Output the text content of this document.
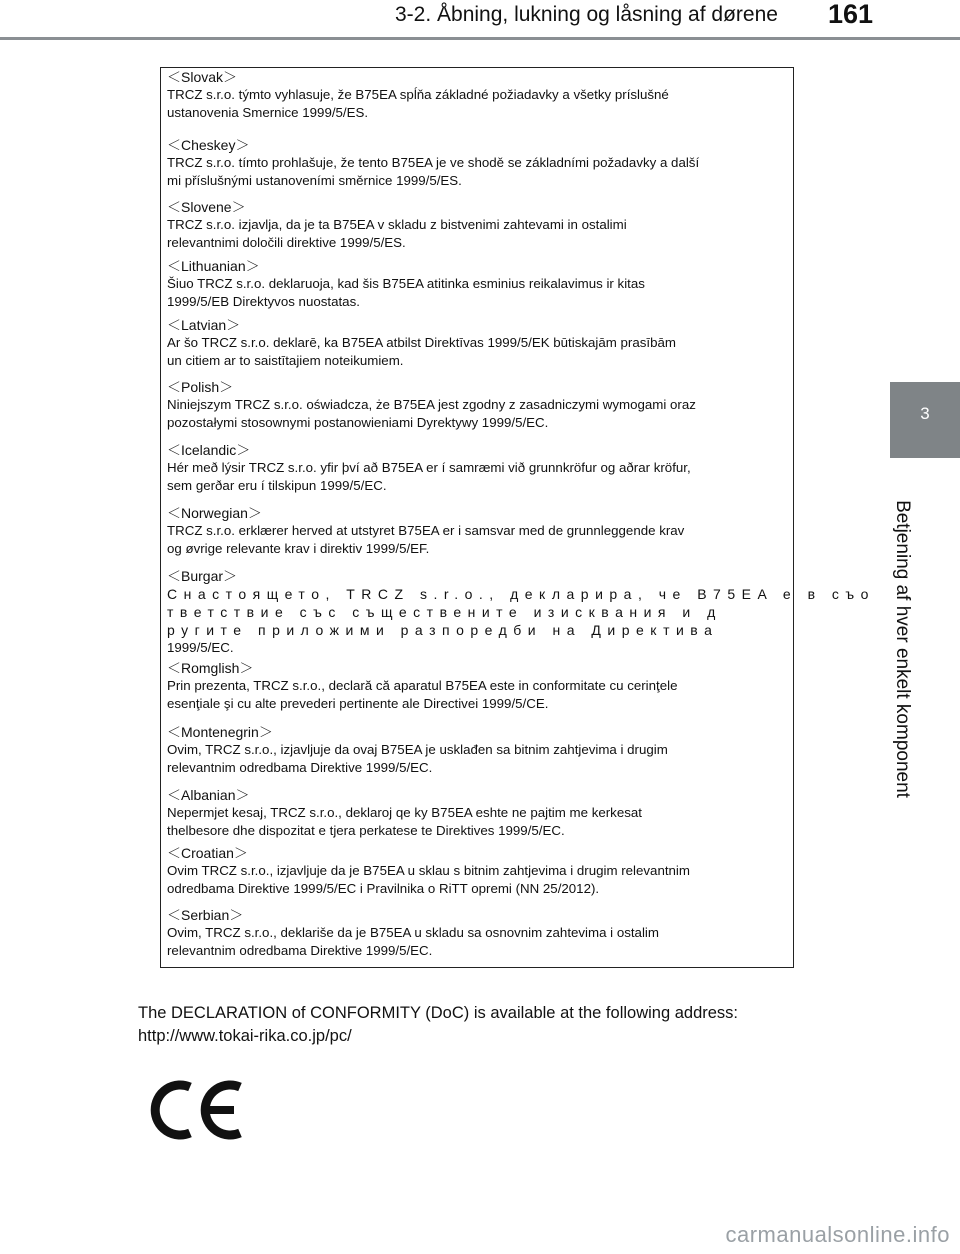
3-2. Åbning, lukning og låsning af dørene 161
3
Betjening af hver enkelt komponent
＜Slovak＞
TRCZ s.r.o. týmto vyhlasuje, že B75EA spĺňa základné požiadavky a všetky príslušné
ustanovenia Smernice 1999/5/ES.
＜Cheskey＞
TRCZ s.r.o. tímto prohlašuje, že tento B75EA je ve shodě se základními požadavky a další
mi příslušnými ustanoveními směrnice 1999/5/ES.
＜Slovene＞
TRCZ s.r.o. izjavlja, da je ta B75EA v skladu z bistvenimi zahtevami in ostalimi
relevantnimi določili direktive 1999/5/ES.
＜Lithuanian＞
Šiuo TRCZ s.r.o. deklaruoja, kad šis B75EA atitinka esminius reikalavimus ir kitas
1999/5/EB Direktyvos nuostatas.
＜Latvian＞
Ar šo TRCZ s.r.o. deklarē, ka B75EA atbilst Direktīvas 1999/5/EK būtiskajām prasībām
un citiem ar to saistītajiem noteikumiem.
＜Polish＞
Niniejszym TRCZ s.r.o. oświadcza, że B75EA jest zgodny z zasadniczymi wymogami oraz
pozostałymi stosownymi postanowieniami Dyrektywy 1999/5/EC.
＜Icelandic＞
Hér með lýsir TRCZ s.r.o. yfir því að B75EA er í samræmi við grunnkröfur og aðrar kröfur,
sem gerðar eru í tilskipun 1999/5/EC.
＜Norwegian＞
TRCZ s.r.o. erklærer herved at utstyret B75EA er i samsvar med de grunnleggende krav
og øvrige relevante krav i direktiv 1999/5/EF.
＜Burgar＞
Снастоящето, TRCZ s.r.o., декларира, че B75EA е в съо
тветствие със съществените изисквания и д
ругите приложими разпоредби на Директива
1999/5/ЕС.
＜Romglish＞
Prin prezenta, TRCZ s.r.o., declară că aparatul B75EA este in conformitate cu cerinţele
esenţiale şi cu alte prevederi pertinente ale Directivei 1999/5/CE.
＜Montenegrin＞
Ovim, TRCZ s.r.o., izjavljuje da ovaj B75EA je usklađen sa bitnim zahtjevima i drugim
relevantnim odredbama Direktive 1999/5/EC.
＜Albanian＞
Nepermjet kesaj, TRCZ s.r.o., deklaroj qe ky B75EA eshte ne pajtim me kerkesat
thelbesore dhe dispozitat e tjera perkatese te Direktives 1999/5/EC.
＜Croatian＞
Ovim TRCZ s.r.o., izjavljuje da je B75EA u sklau s bitnim zahtjevima i drugim relevantnim
odredbama Direktive 1999/5/EC i Pravilnika o RiTT opremi (NN 25/2012).
＜Serbian＞
Ovim, TRCZ s.r.o., deklariše da je B75EA u skladu sa osnovnim zahtevima i ostalim
relevantnim odredbama Direktive 1999/5/EC.
The DECLARATION of CONFORMITY (DoC) is available at the following address:
http://www.tokai-rika.co.jp/pc/
carmanualsonline.info
